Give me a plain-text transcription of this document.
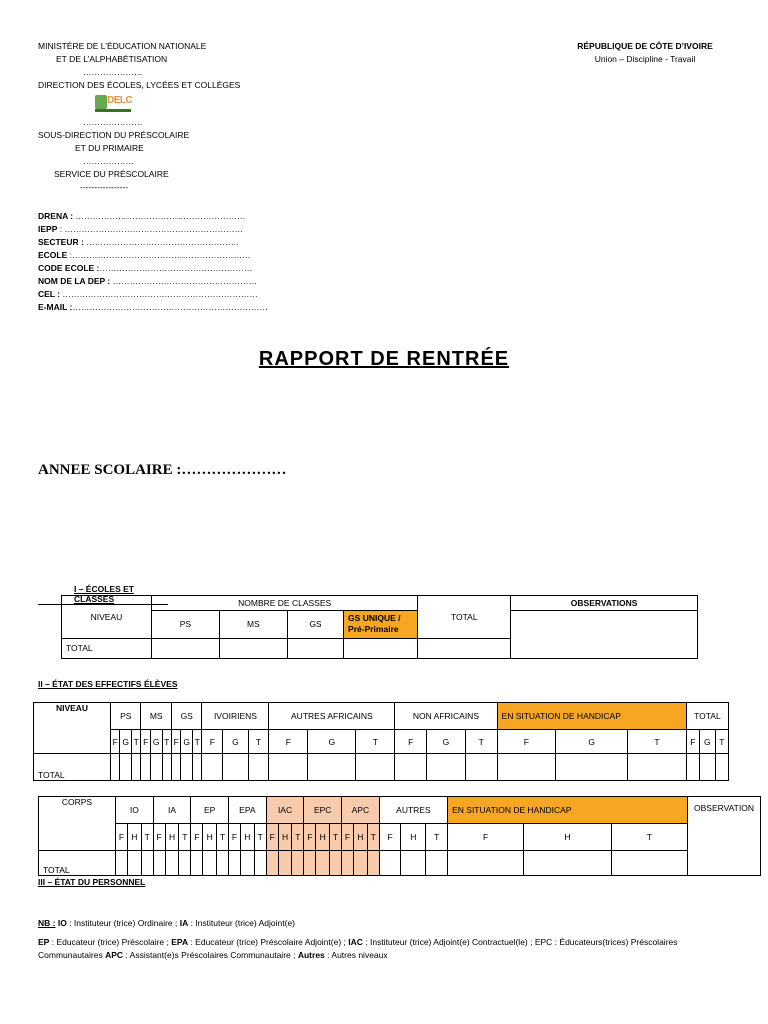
MINISTÈRE DE L’ÉDUCATION NATIONALE
ET DE L’ALPHABÉTISATION
…………………
DIRECTION DES ÉCOLES, LYCÉES ET COLLÈGES
DELC
…………………
SOUS-DIRECTION DU PRÉSCOLAIRE
ET DU PRIMAIRE
………………
SERVICE DU PRÉSCOLAIRE
-----------------
RÉPUBLIQUE DE CÔTE D’IVOIRE
Union – Discipline - Travail
DRENA : ……………………………………………………
IEPP : ………………………………………………………
SECTEUR : ………………………………………………
ECOLE :………………………………………………………
CODE ECOLE :………………………………………………
NOM DE LA DEP : ……………………………………………
CEL : ……………………………………………………………
E-MAIL :……………………………………………………………
RAPPORT DE RENTRÉE
ANNEE SCOLAIRE :…………………
I – ÉCOLES ET CLASSES
NIVEAU	NOMBRE DE CLASSES				TOTAL	OBSERVATIONS
	PS	MS	GS	GS UNIQUE / Pré-Primaire		
TOTAL						
II – ÉTAT DES EFFECTIFS ÉLÈVES
NIVEAU	PS			MS			GS			IVOIRIENS			AUTRES AFRICAINS			NON AFRICAINS			EN SITUATION DE HANDICAP			TOTAL		
	F	G	T	F	G	T	F	G	T	F	G	T	F	G	T	F	G	T	F	G	T	F	G	T
TOTAL																								
CORPS	IO			IA			EP			EPA			IAC			EPC			APC			AUTRES			EN SITUATION DE HANDICAP			OBSERVATION
	F	H	T	F	H	T	F	H	T	F	H	T	F	H	T	F	H	T	F	H	T	F	H	T	F	H	T	
TOTAL																												
III – ÉTAT DU PERSONNEL
NB : IO : Instituteur (trice) Ordinaire ; IA : Instituteur (trice) Adjoint(e)
EP : Educateur (trice) Préscolaire ; EPA : Educateur (trice) Préscolaire Adjoint(e) ; IAC : Instituteur (trice) Adjoint(e) Contractuel(le) ; EPC : Éducateurs(trices) Préscolaires Communautaires APC : Assistant(e)s Préscolaires Communautaire ; Autres : Autres niveaux
